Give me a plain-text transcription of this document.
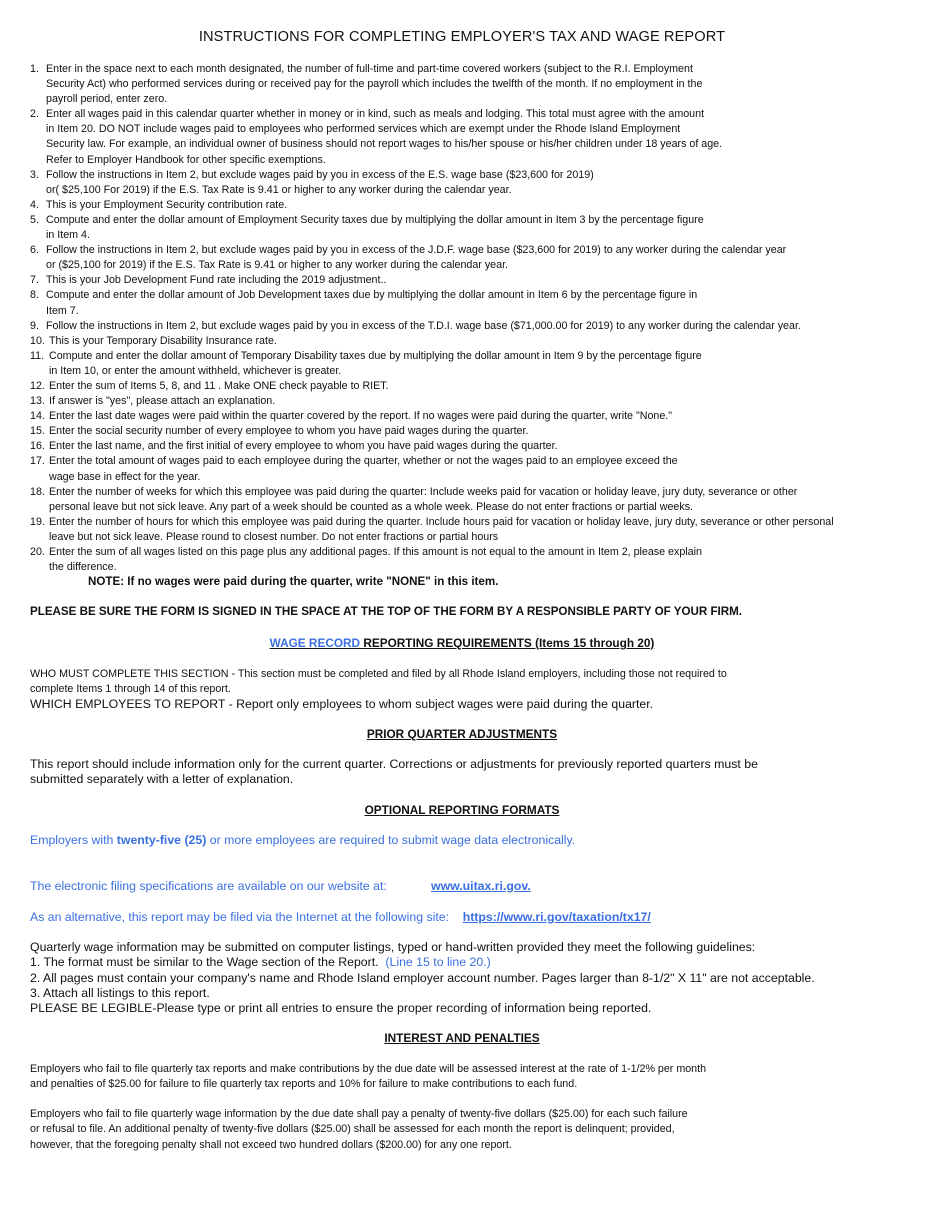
INSTRUCTIONS FOR COMPLETING EMPLOYER'S TAX AND WAGE REPORT
1. Enter in the space next to each month designated, the number of full-time and part-time covered workers (subject to the R.I. Employment
Security Act) who performed services during or received pay for the payroll which includes the twelfth of the month. If no employment in the
payroll period, enter zero.
2. Enter all wages paid in this calendar quarter whether in money or in kind, such as meals and lodging. This total must agree with the amount
in Item 20. DO NOT include wages paid to employees who performed services which are exempt under the Rhode Island Employment
Security law. For example, an individual owner of business should not report wages to his/her spouse or his/her children under 18 years of age.
Refer to Employer Handbook for other specific exemptions.
3. Follow the instructions in Item 2, but exclude wages paid by you in excess of the E.S. wage base ($23,600 for 2019)
or( $25,100 For 2019) if the E.S. Tax Rate is 9.41 or higher to any worker during the calendar year.
4. This is your Employment Security contribution rate.
5. Compute and enter the dollar amount of Employment Security taxes due by multiplying the dollar amount in Item 3 by the percentage figure
in Item 4.
6. Follow the instructions in Item 2, but exclude wages paid by you in excess of the J.D.F. wage base ($23,600 for 2019) to any worker during the calendar year
or ($25,100 for 2019) if the E.S. Tax Rate is 9.41 or higher to any worker during the calendar year.
7. This is your Job Development Fund rate including the 2019 adjustment..
8. Compute and enter the dollar amount of Job Development taxes due by multiplying the dollar amount in Item 6 by the percentage figure in
Item 7.
9. Follow the instructions in Item 2, but exclude wages paid by you in excess of the T.D.I. wage base ($71,000.00 for 2019) to any worker during the calendar year.
10. This is your Temporary Disability Insurance rate.
11. Compute and enter the dollar amount of Temporary Disability taxes due by multiplying the dollar amount in Item 9 by the percentage figure
in Item 10, or enter the amount withheld, whichever is greater.
12. Enter the sum of Items 5, 8, and 11 . Make ONE check payable to RIET.
13. If answer is "yes", please attach an explanation.
14. Enter the last date wages were paid within the quarter covered by the report. If no wages were paid during the quarter, write "None."
15. Enter the social security number of every employee to whom you have paid wages during the quarter.
16. Enter the last name, and the first initial of every employee to whom you have paid wages during the quarter.
17. Enter the total amount of wages paid to each employee during the quarter, whether or not the wages paid to an employee exceed the
wage base in effect for the year.
18. Enter the number of weeks for which this employee was paid during the quarter: Include weeks paid for vacation or holiday leave, jury duty, severance or other
personal leave but not sick leave. Any part of a week should be counted as a whole week. Please do not enter fractions or partial weeks.
19. Enter the number of hours for which this employee was paid during the quarter. Include hours paid for vacation or holiday leave, jury duty, severance or other personal
leave but not sick leave. Please round to closest number. Do not enter fractions or partial hours
20. Enter the sum of all wages listed on this page plus any additional pages. If this amount is not equal to the amount in Item 2, please explain
the difference.
NOTE: If no wages were paid during the quarter, write "NONE" in this item.
PLEASE BE SURE THE FORM IS SIGNED IN THE SPACE AT THE TOP OF THE FORM BY A RESPONSIBLE PARTY OF YOUR FIRM.
WAGE RECORD REPORTING REQUIREMENTS (Items 15 through 20)
WHO MUST COMPLETE THIS SECTION - This section must be completed and filed by all Rhode Island employers, including those not required to
complete Items 1 through 14 of this report.
WHICH EMPLOYEES TO REPORT - Report only employees to whom subject wages were paid during the quarter.
PRIOR QUARTER ADJUSTMENTS
This report should include information only for the current quarter. Corrections or adjustments for previously reported quarters must be
submitted separately with a letter of explanation.
OPTIONAL REPORTING FORMATS
Employers with twenty-five (25) or more employees are required to submit wage data electronically.
The electronic filing specifications are available on our website at:	www.uitax.ri.gov.
As an alternative, this report may be filed via the Internet at the following site: https://www.ri.gov/taxation/tx17/
Quarterly wage information may be submitted on computer listings, typed or hand-written provided they meet the following guidelines:
1. The format must be similar to the Wage section of the Report. (Line 15 to line 20.)
2. All pages must contain your company's name and Rhode Island employer account number. Pages larger than 8-1/2" X 11" are not acceptable.
3. Attach all listings to this report.
PLEASE BE LEGIBLE-Please type or print all entries to ensure the proper recording of information being reported.
INTEREST AND PENALTIES
Employers who fail to file quarterly tax reports and make contributions by the due date will be assessed interest at the rate of 1-1/2% per month
and penalties of $25.00 for failure to file quarterly tax reports and 10% for failure to make contributions to each fund.
Employers who fail to file quarterly wage information by the due date shall pay a penalty of twenty-five dollars ($25.00) for each such failure
or refusal to file. An additional penalty of twenty-five dollars ($25.00) shall be assessed for each month the report is delinquent; provided,
however, that the foregoing penalty shall not exceed two hundred dollars ($200.00) for any one report.
